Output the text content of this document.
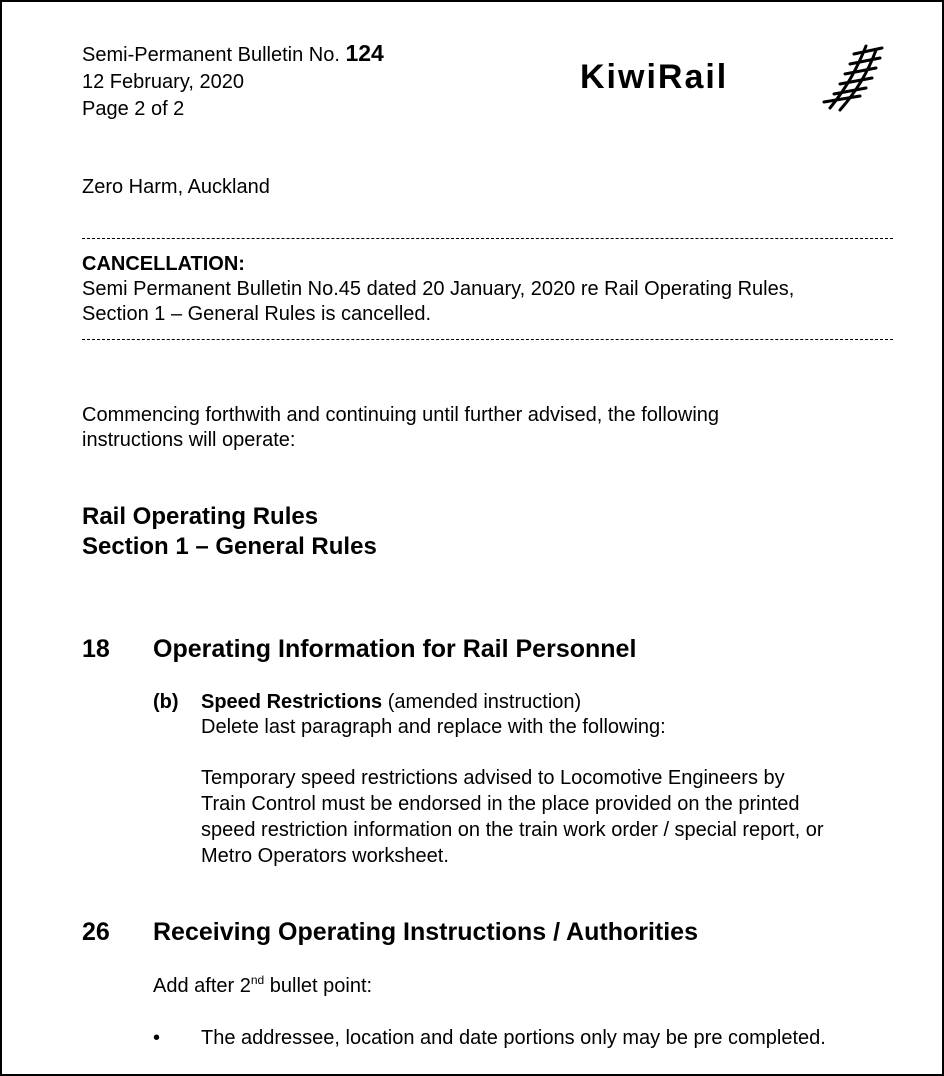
Semi-Permanent Bulletin No. 124
12 February, 2020
Page 2 of 2
KiwiRail
Zero Harm, Auckland
CANCELLATION:
Semi Permanent Bulletin No.45 dated 20 January, 2020 re Rail Operating Rules,
Section 1 – General Rules is cancelled.
Commencing forthwith and continuing until further advised, the following
instructions will operate:
Rail Operating Rules
Section 1 – General Rules
18 Operating Information for Rail Personnel
(b) Speed Restrictions (amended instruction)
Delete last paragraph and replace with the following:
Temporary speed restrictions advised to Locomotive Engineers by
Train Control must be endorsed in the place provided on the printed
speed restriction information on the train work order / special report, or
Metro Operators worksheet.
26 Receiving Operating Instructions / Authorities
Add after 2nd bullet point:
• The addressee, location and date portions only may be pre completed.
